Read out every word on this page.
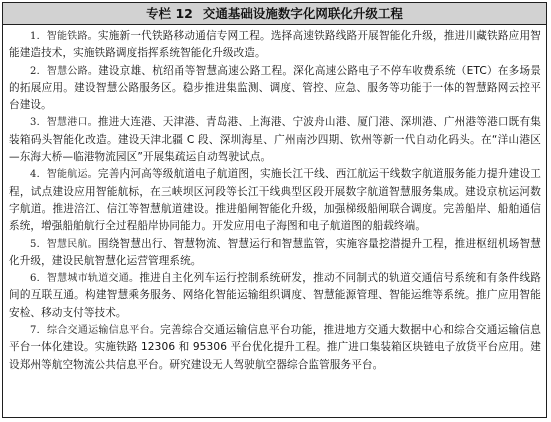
专栏 12 交通基础设施数字化网联化升级工程

1．智能铁路。实施新一代铁路移动通信专网工程。选择高速铁路线路开展智能化升级，推进川藏铁路应用智能建造技术，实施铁路调度指挥系统智能化升级改造。

2．智慧公路。建设京雄、杭绍甬等智慧高速公路工程。深化高速公路电子不停车收费系统（ETC）在多场景的拓展应用。建设智慧公路服务区。稳步推进集监测、调度、管控、应急、服务等功能于一体的智慧路网云控平台建设。

3．智慧港口。推进大连港、天津港、青岛港、上海港、宁波舟山港、厦门港、深圳港、广州港等港口既有集装箱码头智能化改造。建设天津北疆 C 段、深圳海星、广州南沙四期、钦州等新一代自动化码头。在“洋山港区—东海大桥—临港物流园区”开展集疏运自动驾驶试点。

4．智能航运。完善内河高等级航道电子航道图，实施长江干线、西江航运干线数字航道服务能力提升建设工程，试点建设应用智能航标，在三峡坝区河段等长江干线典型区段开展数字航道智慧服务集成。建设京杭运河数字航道。推进涪江、信江等智慧航道建设。推进船闸智能化升级，加强梯级船闸联合调度。完善船岸、船舶通信系统，增强船舶航行全过程船岸协同能力。开发应用电子海图和电子航道图的船载终端。

5．智慧民航。围绕智慧出行、智慧物流、智慧运行和智慧监管，实施容量挖潜提升工程，推进枢纽机场智慧化升级，建设民航智慧化运营管理系统。

6．智慧城市轨道交通。推进自主化列车运行控制系统研发，推动不同制式的轨道交通信号系统和有条件线路间的互联互通。构建智慧乘务服务、网络化智能运输组织调度、智慧能源管理、智能运维等系统。推广应用智能安检、移动支付等技术。

7．综合交通运输信息平台。完善综合交通运输信息平台功能，推进地方交通大数据中心和综合交通运输信息平台一体化建设。实施铁路 12306 和 95306 平台优化提升工程。推广进口集装箱区块链电子放货平台应用。建设郑州等航空物流公共信息平台。研究建设无人驾驶航空器综合监管服务平台。
